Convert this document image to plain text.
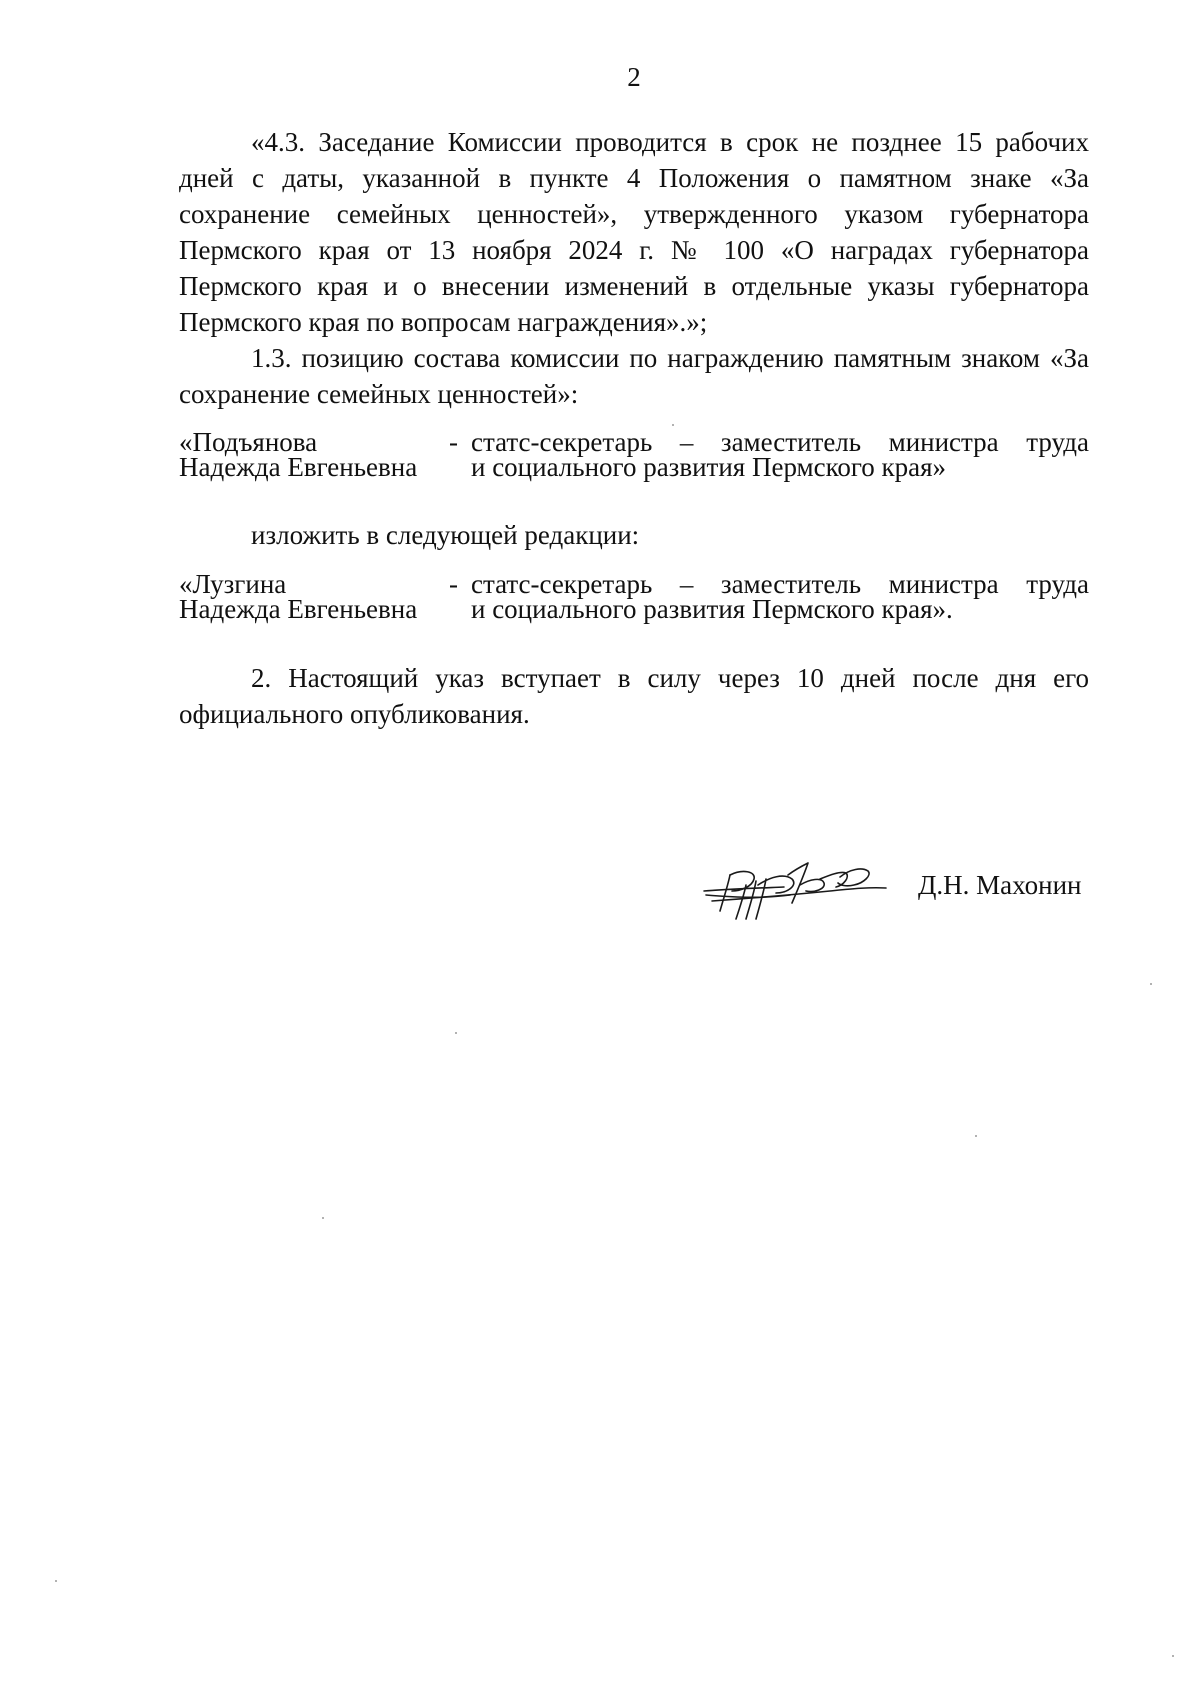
2

«4.3. Заседание Комиссии проводится в срок не позднее 15 рабочих дней с даты, указанной в пункте 4 Положения о памятном знаке «За сохранение семейных ценностей», утвержденного указом губернатора Пермского края от 13 ноября 2024 г. № 100 «О наградах губернатора Пермского края и о внесении изменений в отдельные указы губернатора Пермского края по вопросам награждения».»;

1.3. позицию состава комиссии по награждению памятным знаком «За сохранение семейных ценностей»:

«Подъянова
Надежда Евгеньевна
- статс-секретарь – заместитель министра труда
и социального развития Пермского края»
изложить в следующей редакции:
«Лузгина
Надежда Евгеньевна
- статс-секретарь – заместитель министра труда
и социального развития Пермского края».

2. Настоящий указ вступает в силу через 10 дней после дня его официального опубликования.

Д.Н. Махонин
